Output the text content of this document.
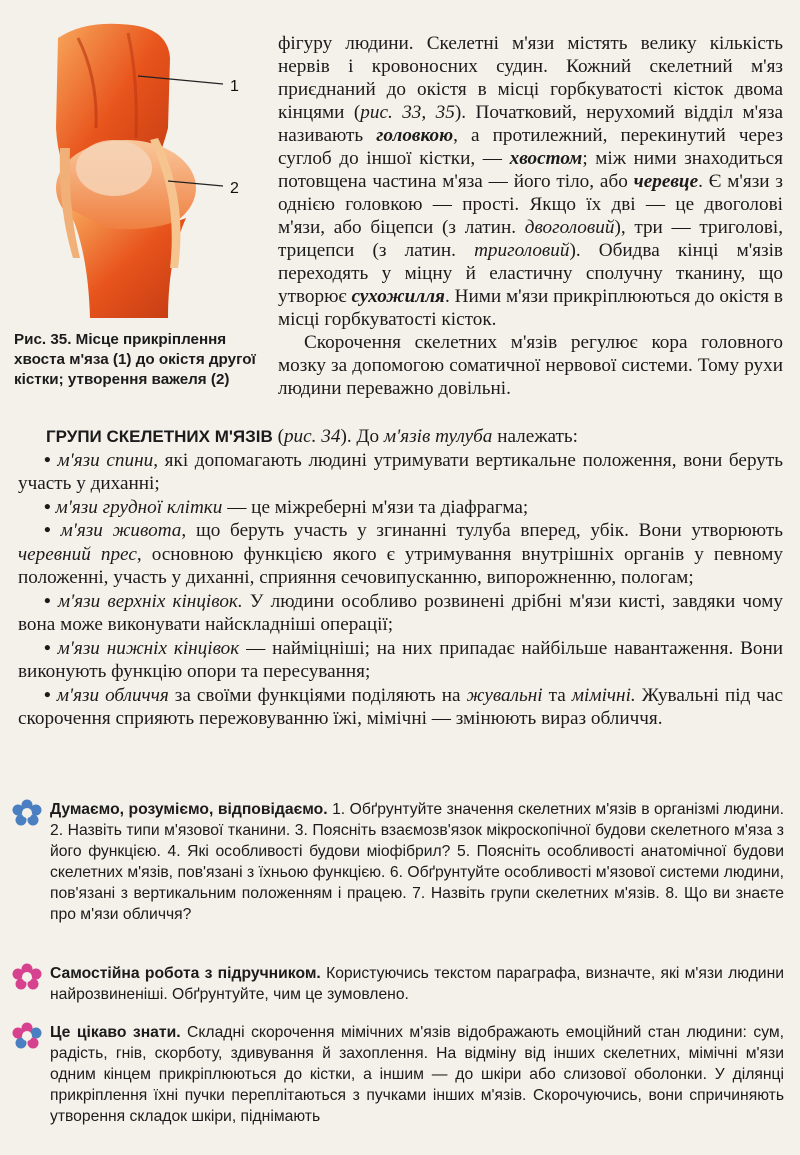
1
2
Рис. 35. Місце прикріплення хвоста м'яза (1) до окістя другої кістки; утворення важеля (2)

фігуру людини. Скелетні м'язи містять велику кількість нервів і кровоносних судин. Кожний скелетний м'яз приєднаний до окістя в місці горбкуватості кісток двома кінцями (рис. 33, 35). Початковий, нерухомий відділ м'яза називають головкою, а протилежний, перекинутий через суглоб до іншої кістки, — хвостом; між ними знаходиться потовщена частина м'яза — його тіло, або черевце. Є м'язи з однією головкою — прості. Якщо їх дві — це двоголові м'язи, або біцепси (з латин. двоголовий), три — триголові, трицепси (з латин. триголовий). Обидва кінці м'язів переходять у міцну й еластичну сполучну тканину, що утворює сухожилля. Ними м'язи прикріплюються до окістя в місці горбкуватості кісток.

Скорочення скелетних м'язів регулює кора головного мозку за допомогою соматичної нервової системи. Тому рухи людини переважно довільні.

ГРУПИ СКЕЛЕТНИХ М'ЯЗІВ (рис. 34). До м'язів тулуба належать:

• м'язи спини, які допомагають людині утримувати вертикальне положення, вони беруть участь у диханні;

• м'язи грудної клітки — це міжреберні м'язи та діафрагма;

• м'язи живота, що беруть участь у згинанні тулуба вперед, убік. Вони утворюють черевний прес, основною функцією якого є утримування внутрішніх органів у певному положенні, участь у диханні, сприяння сечовипусканню, випорожненню, пологам;

• м'язи верхніх кінцівок. У людини особливо розвинені дрібні м'язи кисті, завдяки чому вона може виконувати найскладніші операції;

• м'язи нижніх кінцівок — найміцніші; на них припадає найбільше навантаження. Вони виконують функцію опори та пересування;

• м'язи обличчя за своїми функціями поділяють на жувальні та мімічні. Жувальні під час скорочення сприяють пережовуванню їжі, мімічні — змінюють вираз обличчя.

Думаємо, розуміємо, відповідаємо. 1. Обґрунтуйте значення скелетних м'язів в організмі людини. 2. Назвіть типи м'язової тканини. 3. Поясніть взаємозв'язок мікроскопічної будови скелетного м'яза з його функцією. 4. Які особливості будови міофібрил? 5. Поясніть особливості анатомічної будови скелетних м'язів, пов'язані з їхньою функцією. 6. Обґрунтуйте особливості м'язової системи людини, пов'язані з вертикальним положенням і працею. 7. Назвіть групи скелетних м'язів. 8. Що ви знаєте про м'язи обличчя?
Самостійна робота з підручником. Користуючись текстом параграфа, визначте, які м'язи людини найрозвиненіші. Обґрунтуйте, чим це зумовлено.
Це цікаво знати. Складні скорочення мімічних м'язів відображають емоційний стан людини: сум, радість, гнів, скорботу, здивування й захоплення. На відміну від інших скелетних, мімічні м'язи одним кінцем прикріплюються до кістки, а іншим — до шкіри або слизової оболонки. У ділянці прикріплення їхні пучки переплітаються з пучками інших м'язів. Скорочуючись, вони спричиняють утворення складок шкіри, піднімають
